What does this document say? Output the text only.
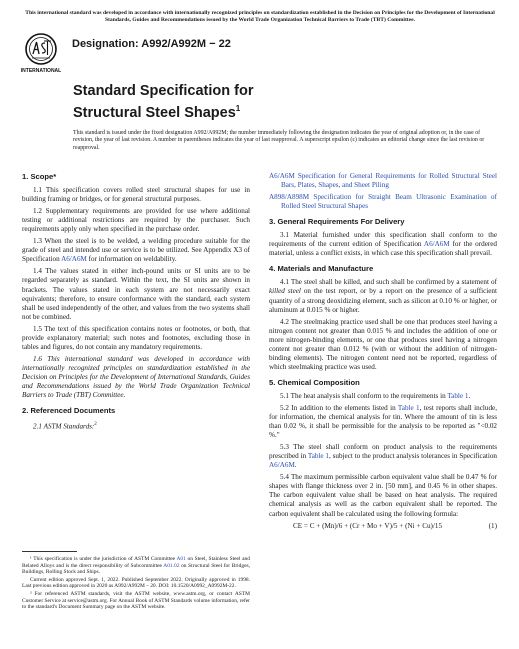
This international standard was developed in accordance with internationally recognized principles on standardization established in the Decision on Principles for the Development of International Standards, Guides and Recommendations issued by the World Trade Organization Technical Barriers to Trade (TBT) Committee.
INTERNATIONAL
Designation: A992/A992M − 22
Standard Specification for
Structural Steel Shapes$^1$
This standard is issued under the fixed designation A992/A992M; the number immediately following the designation indicates the year of original adoption or, in the case of revision, the year of last revision. A number in parentheses indicates the year of last reapproval. A superscript epsilon (ε) indicates an editorial change since the last revision or reapproval.
1. Scope*

1.1 This specification covers rolled steel structural shapes for use in building framing or bridges, or for general structural purposes.

1.2 Supplementary requirements are provided for use where additional testing or additional restrictions are required by the purchaser. Such requirements apply only when specified in the purchase order.

1.3 When the steel is to be welded, a welding procedure suitable for the grade of steel and intended use or service is to be utilized. See Appendix X3 of Specification A6/A6M for information on weldability.

1.4 The values stated in either inch-pound units or SI units are to be regarded separately as standard. Within the text, the SI units are shown in brackets. The values stated in each system are not necessarily exact equivalents; therefore, to ensure conformance with the standard, each system shall be used independently of the other, and values from the two systems shall not be combined.

1.5 The text of this specification contains notes or footnotes, or both, that provide explanatory material; such notes and footnotes, excluding those in tables and figures, do not contain any mandatory requirements.

1.6 This international standard was developed in accordance with internationally recognized principles on standardization established in the Decision on Principles for the Development of International Standards, Guides and Recommendations issued by the World Trade Organization Technical Barriers to Trade (TBT) Committee.

2. Referenced Documents

2.1 ASTM Standards:$^2$

¹ This specification is under the jurisdiction of ASTM Committee A01 on Steel, Stainless Steel and Related Alloys and is the direct responsibility of Subcommittee A01.02 on Structural Steel for Bridges, Buildings, Rolling Stock and Ships.

Current edition approved Sept. 1, 2022. Published September 2022. Originally approved in 1998. Last previous edition approved in 2020 as A992/A992M – 20. DOI: 10.1520/A0992_A0992M-22.

² For referenced ASTM standards, visit the ASTM website, www.astm.org, or contact ASTM Customer Service at service@astm.org. For Annual Book of ASTM Standards volume information, refer to the standard's Document Summary page on the ASTM website.

A6/A6M Specification for General Requirements for Rolled Structural Steel Bars, Plates, Shapes, and Sheet Piling

A898/A898M Specification for Straight Beam Ultrasonic Examination of Rolled Steel Structural Shapes

3. General Requirements For Delivery

3.1 Material furnished under this specification shall conform to the requirements of the current edition of Specification A6/A6M for the ordered material, unless a conflict exists, in which case this specification shall prevail.

4. Materials and Manufacture

4.1 The steel shall be killed, and such shall be confirmed by a statement of killed steel on the test report, or by a report on the presence of a sufficient quantity of a strong deoxidizing element, such as silicon at 0.10 % or higher, or aluminum at 0.015 % or higher.

4.2 The steelmaking practice used shall be one that produces steel having a nitrogen content not greater than 0.015 % and includes the addition of one or more nitrogen-binding elements, or one that produces steel having a nitrogen content not greater than 0.012 % (with or without the addition of nitrogen-binding elements). The nitrogen content need not be reported, regardless of which steelmaking practice was used.

5. Chemical Composition

5.1 The heat analysis shall conform to the requirements in Table 1.

5.2 In addition to the elements listed in Table 1, test reports shall include, for information, the chemical analysis for tin. Where the amount of tin is less than 0.02 %, it shall be permissible for the analysis to be reported as "<0.02 %."

5.3 The steel shall conform on product analysis to the requirements prescribed in Table 1, subject to the product analysis tolerances in Specification A6/A6M.

5.4 The maximum permissible carbon equivalent value shall be 0.47 % for shapes with flange thickness over 2 in. [50 mm], and 0.45 % in other shapes. The carbon equivalent value shall be based on heat analysis. The required chemical analysis as well as the carbon equivalent shall be reported. The carbon equivalent shall be calculated using the following formula:

CE = C + (Mn)/6 + (Cr + Mo + V)/5 + (Ni + Cu)/15	(1)
